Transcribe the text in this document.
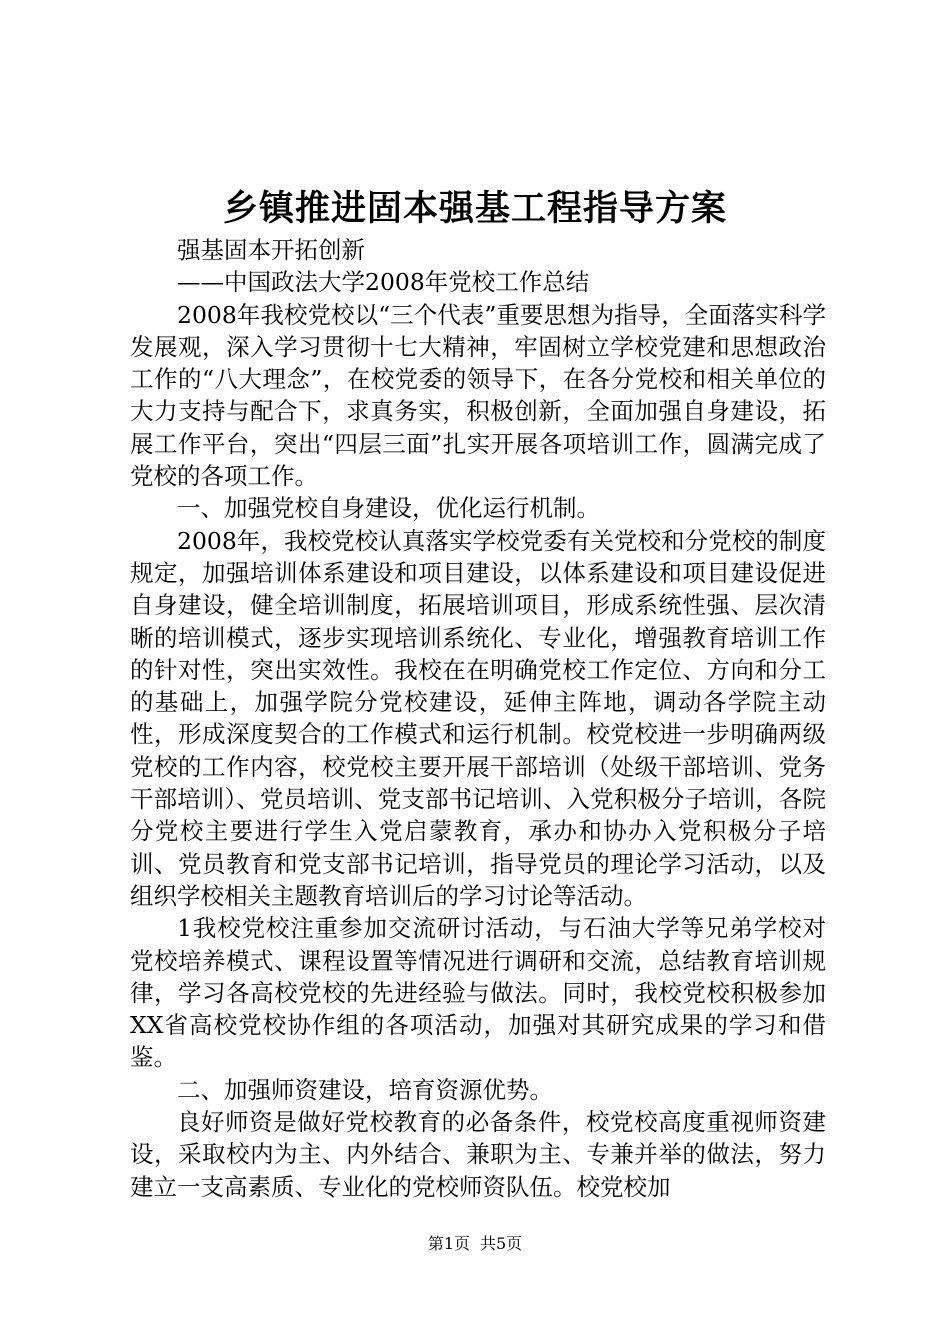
乡镇推进固本强基工程指导方案

强基固本开拓创新

——中国政法大学2008年党校工作总结

2008年我校党校以“三个代表”重要思想为指导，全面落实科学发展观，深入学习贯彻十七大精神，牢固树立学校党建和思想政治工作的“八大理念”，在校党委的领导下，在各分党校和相关单位的大力支持与配合下，求真务实，积极创新，全面加强自身建设，拓展工作平台，突出“四层三面”扎实开展各项培训工作，圆满完成了党校的各项工作。

一、加强党校自身建设，优化运行机制。

2008年，我校党校认真落实学校党委有关党校和分党校的制度规定，加强培训体系建设和项目建设，以体系建设和项目建设促进自身建设，健全培训制度，拓展培训项目，形成系统性强、层次清晰的培训模式，逐步实现培训系统化、专业化，增强教育培训工作的针对性，突出实效性。我校在在明确党校工作定位、方向和分工的基础上，加强学院分党校建设，延伸主阵地，调动各学院主动性，形成深度契合的工作模式和运行机制。校党校进一步明确两级党校的工作内容，校党校主要开展干部培训（处级干部培训、党务干部培训）、党员培训、党支部书记培训、入党积极分子培训，各院分党校主要进行学生入党启蒙教育，承办和协办入党积极分子培训、党员教育和党支部书记培训，指导党员的理论学习活动，以及组织学校相关主题教育培训后的学习讨论等活动。

1我校党校注重参加交流研讨活动，与石油大学等兄弟学校对党校培养模式、课程设置等情况进行调研和交流，总结教育培训规律，学习各高校党校的先进经验与做法。同时，我校党校积极参加XX省高校党校协作组的各项活动，加强对其研究成果的学习和借鉴。

二、加强师资建设，培育资源优势。

良好师资是做好党校教育的必备条件，校党校高度重视师资建设，采取校内为主、内外结合、兼职为主、专兼并举的做法，努力建立一支高素质、专业化的党校师资队伍。校党校加

第1页 共5页
